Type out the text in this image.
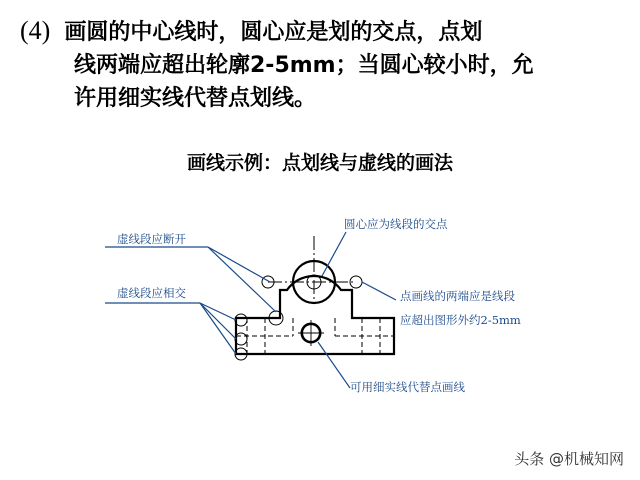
(4) 画圆的中心线时，圆心应是划的交点，点划
线两端应超出轮廓2-5mm；当圆心较小时，允
许用细实线代替点划线。
画线示例：点划线与虚线的画法
圆心应为线段的交点
虚线段应断开
虚线段应相交	点画线的两端应是线段
应超出图形外约2-5mm
可用细实线代替点画线
头条 @机械知网
